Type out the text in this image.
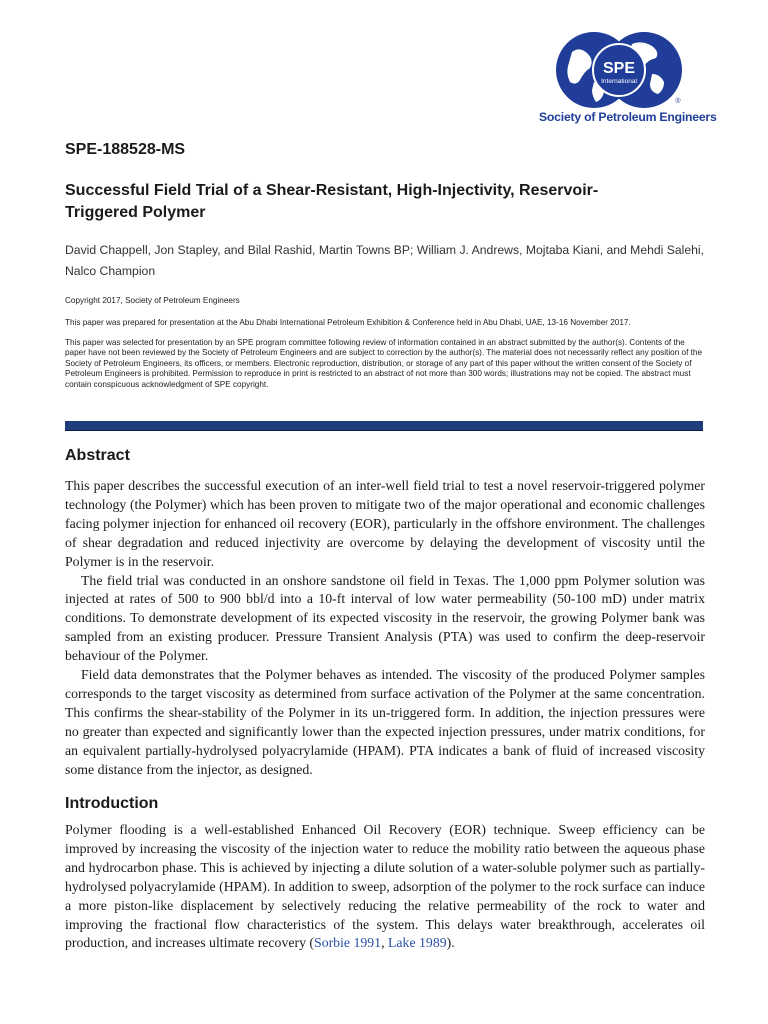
SPE
International
®
Society of Petroleum Engineers
SPE-188528-MS
Successful Field Trial of a Shear-Resistant, High-Injectivity, Reservoir-Triggered Polymer
David Chappell, Jon Stapley, and Bilal Rashid, Martin Towns BP; William J. Andrews, Mojtaba Kiani, and Mehdi Salehi, Nalco Champion
Copyright 2017, Society of Petroleum Engineers
This paper was prepared for presentation at the Abu Dhabi International Petroleum Exhibition & Conference held in Abu Dhabi, UAE, 13-16 November 2017.
This paper was selected for presentation by an SPE program committee following review of information contained in an abstract submitted by the author(s). Contents of the paper have not been reviewed by the Society of Petroleum Engineers and are subject to correction by the author(s). The material does not necessarily reflect any position of the Society of Petroleum Engineers, its officers, or members. Electronic reproduction, distribution, or storage of any part of this paper without the written consent of the Society of Petroleum Engineers is prohibited. Permission to reproduce in print is restricted to an abstract of not more than 300 words; illustrations may not be copied. The abstract must contain conspicuous acknowledgment of SPE copyright.
Abstract

This paper describes the successful execution of an inter-well field trial to test a novel reservoir-triggered polymer technology (the Polymer) which has been proven to mitigate two of the major operational and economic challenges facing polymer injection for enhanced oil recovery (EOR), particularly in the offshore environment. The challenges of shear degradation and reduced injectivity are overcome by delaying the development of viscosity until the Polymer is in the reservoir.

The field trial was conducted in an onshore sandstone oil field in Texas. The 1,000 ppm Polymer solution was injected at rates of 500 to 900 bbl/d into a 10-ft interval of low water permeability (50-100 mD) under matrix conditions. To demonstrate development of its expected viscosity in the reservoir, the growing Polymer bank was sampled from an existing producer. Pressure Transient Analysis (PTA) was used to confirm the deep-reservoir behaviour of the Polymer.

Field data demonstrates that the Polymer behaves as intended. The viscosity of the produced Polymer samples corresponds to the target viscosity as determined from surface activation of the Polymer at the same concentration. This confirms the shear-stability of the Polymer in its un-triggered form. In addition, the injection pressures were no greater than expected and significantly lower than the expected injection pressures, under matrix conditions, for an equivalent partially-hydrolysed polyacrylamide (HPAM). PTA indicates a bank of fluid of increased viscosity some distance from the injector, as designed.

Introduction

Polymer flooding is a well-established Enhanced Oil Recovery (EOR) technique. Sweep efficiency can be improved by increasing the viscosity of the injection water to reduce the mobility ratio between the aqueous phase and hydrocarbon phase. This is achieved by injecting a dilute solution of a water-soluble polymer such as partially-hydrolysed polyacrylamide (HPAM). In addition to sweep, adsorption of the polymer to the rock surface can induce a more piston-like displacement by selectively reducing the relative permeability of the rock to water and improving the fractional flow characteristics of the system. This delays water breakthrough, accelerates oil production, and increases ultimate recovery (Sorbie 1991, Lake 1989).
